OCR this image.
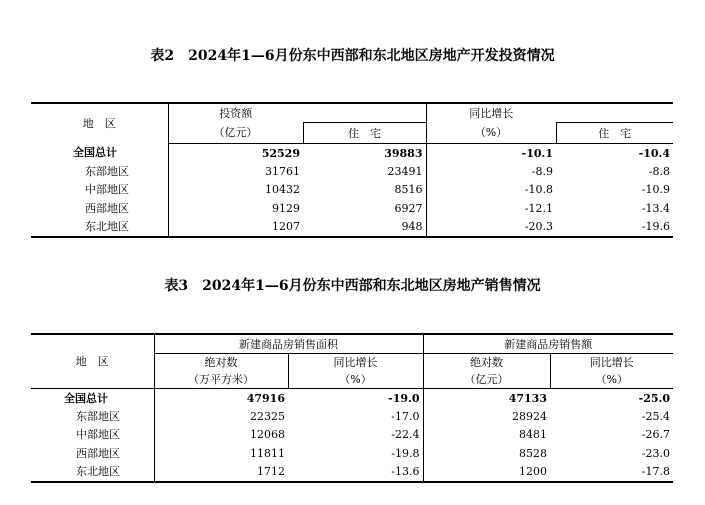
表2　2024年1—6月份东中西部和东北地区房地产开发投资情况
地　区	投资额		同比增长	
	（亿元）	住　宅	（%）	住　宅
全国总计	52529	39883	-10.1	-10.4
东部地区	31761	23491	-8.9	-8.8
中部地区	10432	8516	-10.8	-10.9
西部地区	9129	6927	-12.1	-13.4
东北地区	1207	948	-20.3	-19.6
表3　2024年1—6月份东中西部和东北地区房地产销售情况
地　区	新建商品房销售面积		新建商品房销售额	
	绝对数	同比增长	绝对数	同比增长
	（万平方米）	（%）	（亿元）	（%）
全国总计	47916	-19.0	47133	-25.0
东部地区	22325	-17.0	28924	-25.4
中部地区	12068	-22.4	8481	-26.7
西部地区	11811	-19.8	8528	-23.0
东北地区	1712	-13.6	1200	-17.8
